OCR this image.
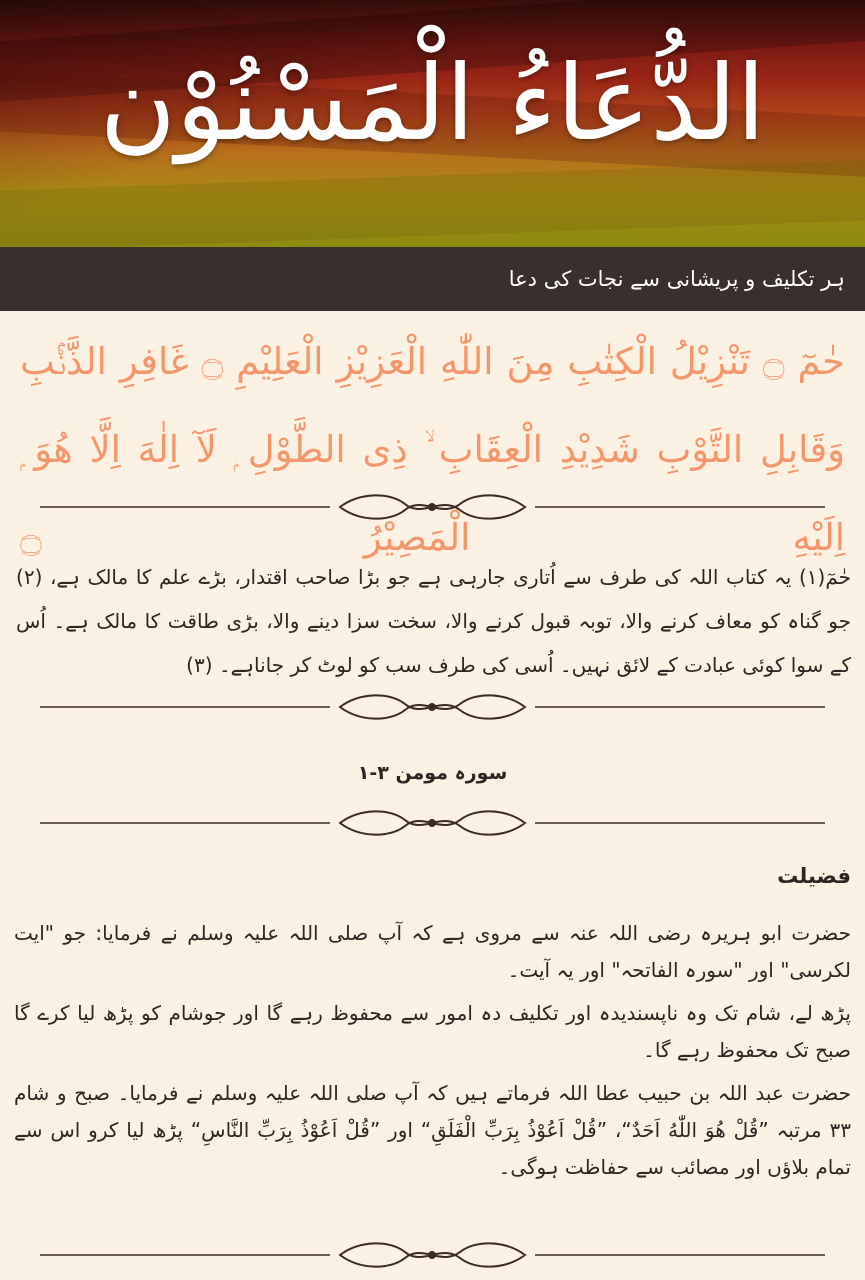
الدُّعَاءُ الْمَسْنُوْن
ہر تکلیف و پریشانی سے نجات کی دعا
حٰمٓ ۝ تَنْزِيْلُ الْكِتٰبِ مِنَ اللّٰهِ الْعَزِيْزِ الْعَلِيْمِ ۝ غَافِرِ الذَّنْۢبِ وَقَابِلِ التَّوْبِ شَدِيْدِ الْعِقَابِ ۙ ذِى الطَّوْلِ ۭ لَآ اِلٰهَ اِلَّا هُوَ ۭ اِلَيْهِ الْمَصِيْرُ ۝
حٰمٓ(۱) یہ کتاب اللہ کی طرف سے اُتاری جارہی ہے جو بڑا صاحب اقتدار، بڑے علم کا مالک ہے، (۲) جو گناہ کو معاف کرنے والا، توبہ قبول کرنے والا، سخت سزا دینے والا، بڑی طاقت کا مالک ہے۔ اُس کے سوا کوئی عبادت کے لائق نہیں۔ اُسی کی طرف سب کو لوٹ کر جاناہے۔ (۳)
سورہ مومن ۳-۱
فضیلت

حضرت ابو ہریرہ رضی اللہ عنہ سے مروی ہے کہ آپ صلی اللہ علیہ وسلم نے فرمایا: جو "ایت لکرسی" اور "سورہ الفاتحہ" اور یہ آیت۔

پڑھ لے، شام تک وہ ناپسندیدہ اور تکلیف دہ امور سے محفوظ رہے گا اور جوشام کو پڑھ لیا کرے گا صبح تک محفوظ رہے گا۔

حضرت عبد اللہ بن حبیب عطا اللہ فرماتے ہیں کہ آپ صلی اللہ علیہ وسلم نے فرمایا۔ صبح و شام ۳۳ مرتبہ ”قُلْ هُوَ اللّٰهُ اَحَدٌ“، ”قُلْ اَعُوْذُ بِرَبِّ الْفَلَقِ“ اور ”قُلْ اَعُوْذُ بِرَبِّ النَّاسِ“ پڑھ لیا کرو اس سے تمام بلاؤں اور مصائب سے حفاظت ہوگی۔
